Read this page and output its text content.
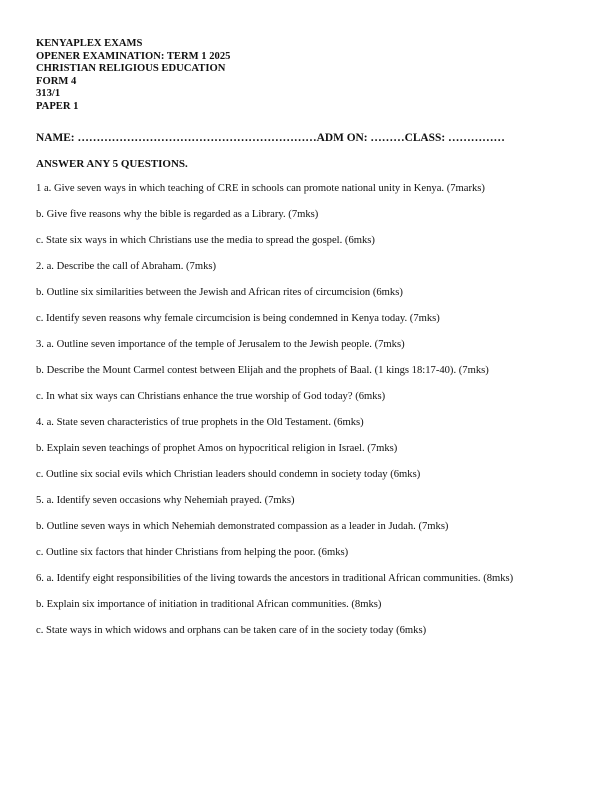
KENYAPLEX EXAMS
OPENER EXAMINATION: TERM 1 2025
CHRISTIAN RELIGIOUS EDUCATION
FORM 4
313/1
PAPER 1
NAME: ………………………………………………………ADM ON: ………CLASS: ……………
ANSWER ANY 5 QUESTIONS.

1 a. Give seven ways in which teaching of CRE in schools can promote national unity in Kenya. (7marks)

b. Give five reasons why the bible is regarded as a Library. (7mks)

c. State six ways in which Christians use the media to spread the gospel. (6mks)

2. a. Describe the call of Abraham. (7mks)

b. Outline six similarities between the Jewish and African rites of circumcision (6mks)

c. Identify seven reasons why female circumcision is being condemned in Kenya today. (7mks)

3. a. Outline seven importance of the temple of Jerusalem to the Jewish people. (7mks)

b. Describe the Mount Carmel contest between Elijah and the prophets of Baal. (1 kings 18:17-40). (7mks)

c. In what six ways can Christians enhance the true worship of God today? (6mks)

4. a. State seven characteristics of true prophets in the Old Testament. (6mks)

b. Explain seven teachings of prophet Amos on hypocritical religion in Israel. (7mks)

c. Outline six social evils which Christian leaders should condemn in society today (6mks)

5. a. Identify seven occasions why Nehemiah prayed. (7mks)

b. Outline seven ways in which Nehemiah demonstrated compassion as a leader in Judah. (7mks)

c. Outline six factors that hinder Christians from helping the poor. (6mks)

6. a. Identify eight responsibilities of the living towards the ancestors in traditional African communities. (8mks)

b. Explain six importance of initiation in traditional African communities. (8mks)

c. State ways in which widows and orphans can be taken care of in the society today (6mks)
